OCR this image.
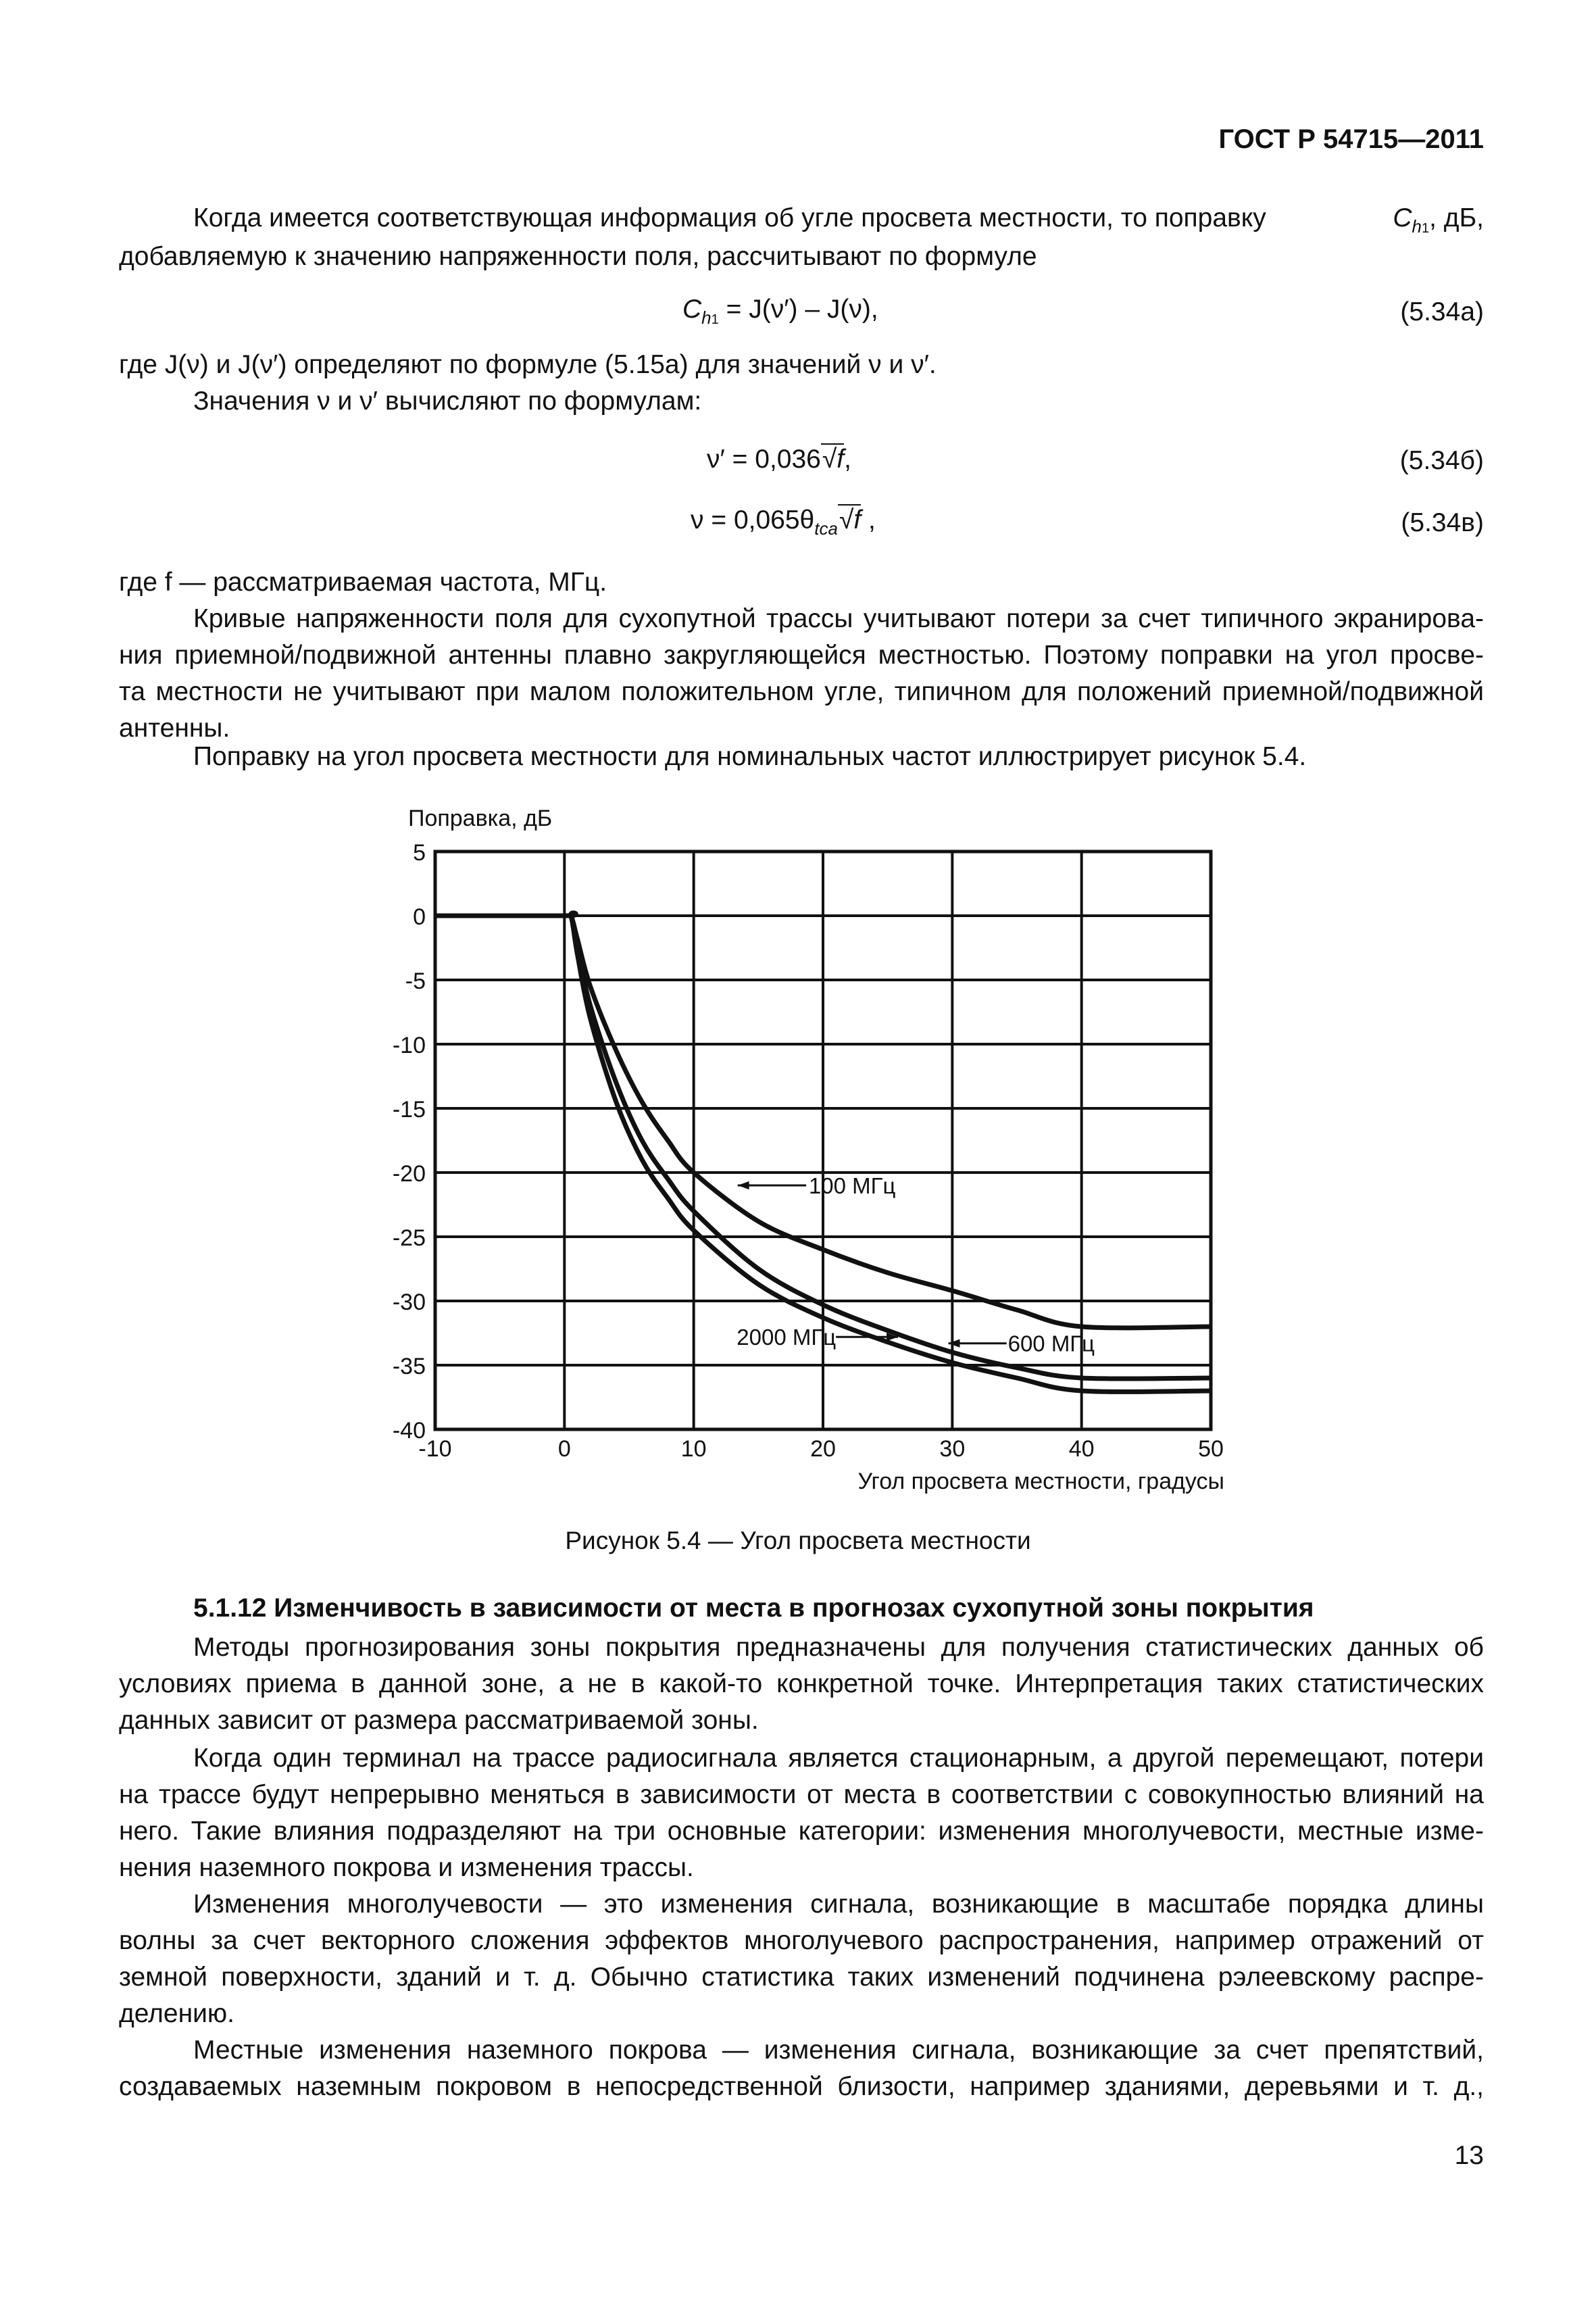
ГОСТ Р 54715—2011
Когда имеется соответствующая информация об угле просвета местности, то поправку	$C_{h1}$, дБ,
добавляемую к значению напряженности поля, рассчитывают по формуле
$C_{h1} = J(\nu') - J(\nu)$,	(5.34а)
где J(ν) и J(ν′) определяют по формуле (5.15а) для значений ν и ν′.
Значения ν и ν′ вычисляют по формулам:
ν′ = 0,036√f,	(5.34б)
$\nu = 0,065\theta_{tca}√f$ ,	(5.34в)
где f — рассматриваемая частота, МГц.
Кривые напряженности поля для сухопутной трассы учитывают потери за счет типичного экранирова-
ния приемной/подвижной антенны плавно закругляющейся местностью. Поэтому поправки на угол просве-
та местности не учитывают при малом положительном угле, типичном для положений приемной/подвижной
антенны.
Поправку на угол просвета местности для номинальных частот иллюстрирует рисунок 5.4.
5
0
-5
-10
-15
-20
-25
-30
-35
-40
-10	0	10	20	30	40	50
Поправка, дБ
Угол просвета местности, градусы
100 МГц
2000 МГц	600 МГц
Рисунок 5.4 — Угол просвета местности
5.1.12 Изменчивость в зависимости от места в прогнозах сухопутной зоны покрытия
Методы прогнозирования зоны покрытия предназначены для получения статистических данных об
условиях приема в данной зоне, а не в какой-то конкретной точке. Интерпретация таких статистических
данных зависит от размера рассматриваемой зоны.
Когда один терминал на трассе радиосигнала является стационарным, а другой перемещают, потери
на трассе будут непрерывно меняться в зависимости от места в соответствии с совокупностью влияний на
него. Такие влияния подразделяют на три основные категории: изменения многолучевости, местные изме-
нения наземного покрова и изменения трассы.
Изменения многолучевости — это изменения сигнала, возникающие в масштабе порядка длины
волны за счет векторного сложения эффектов многолучевого распространения, например отражений от
земной поверхности, зданий и т. д. Обычно статистика таких изменений подчинена рэлеевскому распре-
делению.
Местные изменения наземного покрова — изменения сигнала, возникающие за счет препятствий,
создаваемых наземным покровом в непосредственной близости, например зданиями, деревьями и т. д.,
13
